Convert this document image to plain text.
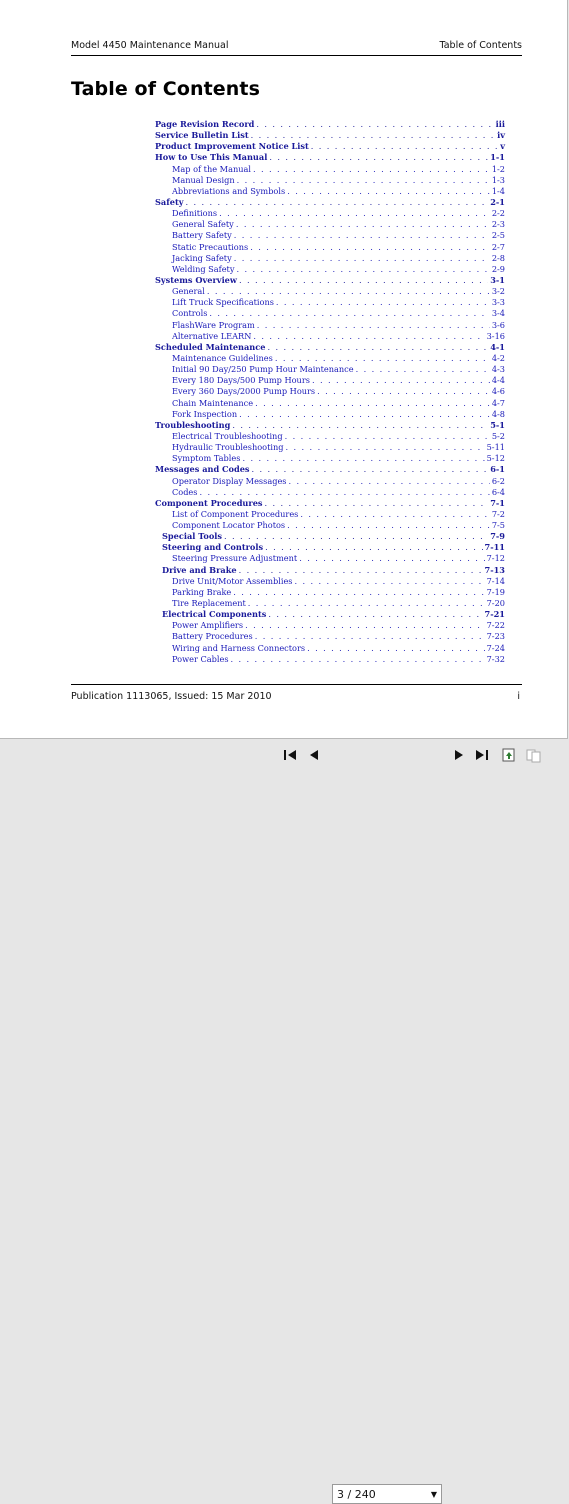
Model 4450 Maintenance Manual	Table of Contents
Table of Contents
Page Revision Record . . .	iii
Service Bulletin List . . .	iv
Product Improvement Notice List . . .	v
How to Use This Manual . . .	1-1
Map of the Manual . . .	1-2
Manual Design . . .	1-3
Abbreviations and Symbols . . .	1-4
Safety . . .	2-1
Definitions . . .	2-2
General Safety . . .	2-3
Battery Safety . . .	2-5
Static Precautions . . .	2-7
Jacking Safety . . .	2-8
Welding Safety . . .	2-9
Systems Overview . . .	3-1
General . . .	3-2
Lift Truck Specifications . . .	3-3
Controls . . .	3-4
FlashWare Program . . .	3-6
Alternative LEARN . . .	3-16
Scheduled Maintenance . . .	4-1
Maintenance Guidelines . . .	4-2
Initial 90 Day/250 Pump Hour Maintenance . . .	4-3
Every 180 Days/500 Pump Hours . . .	4-4
Every 360 Days/2000 Pump Hours . . .	4-6
Chain Maintenance . . .	4-7
Fork Inspection . . .	4-8
Troubleshooting . . .	5-1
Electrical Troubleshooting . . .	5-2
Hydraulic Troubleshooting . . .	5-11
Symptom Tables . . .	5-12
Messages and Codes . . .	6-1
Operator Display Messages . . .	6-2
Codes . . .	6-4
Component Procedures . . .	7-1
List of Component Procedures . . .	7-2
Component Locator Photos . . .	7-5
Special Tools . . .	7-9
Steering and Controls . . .	7-11
Steering Pressure Adjustment . . .	7-12
Drive and Brake . . .	7-13
Drive Unit/Motor Assemblies . . .	7-14
Parking Brake . . .	7-19
Tire Replacement . . .	7-20
Electrical Components . . .	7-21
Power Amplifiers . . .	7-22
Battery Procedures . . .	7-23
Wiring and Harness Connectors . . .	7-24
Power Cables . . .	7-32
Publication 1113065, Issued: 15 Mar 2010	i
3 / 240	▼
